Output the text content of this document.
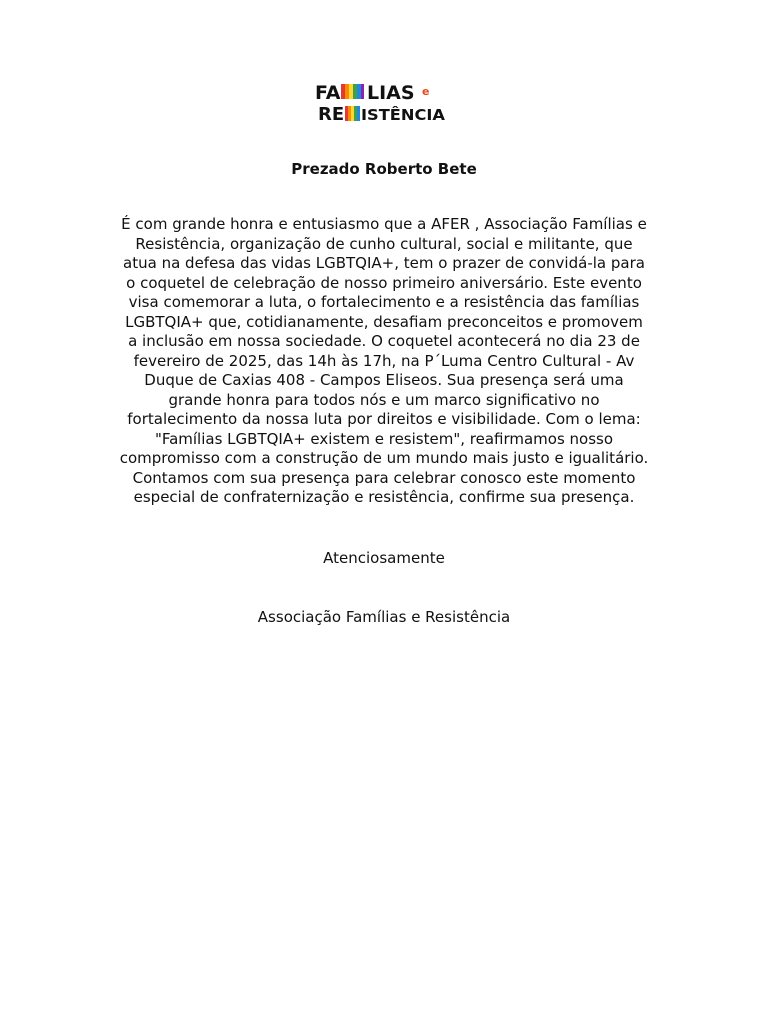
FA LIAS e
RE ISTÊNCIA
Prezado Roberto Bete
É com grande honra e entusiasmo que a AFER , Associação Famílias e
Resistência, organização de cunho cultural, social e militante, que
atua na defesa das vidas LGBTQIA+, tem o prazer de convidá-la para
o coquetel de celebração de nosso primeiro aniversário. Este evento
visa comemorar a luta, o fortalecimento e a resistência das famílias
LGBTQIA+ que, cotidianamente, desafiam preconceitos e promovem
a inclusão em nossa sociedade. O coquetel acontecerá no dia 23 de
fevereiro de 2025, das 14h às 17h, na P´Luma Centro Cultural - Av
Duque de Caxias 408 - Campos Eliseos. Sua presença será uma
grande honra para todos nós e um marco significativo no
fortalecimento da nossa luta por direitos e visibilidade. Com o lema:
"Famílias LGBTQIA+ existem e resistem", reafirmamos nosso
compromisso com a construção de um mundo mais justo e igualitário.
Contamos com sua presença para celebrar conosco este momento
especial de confraternização e resistência, confirme sua presença.
Atenciosamente
Associação Famílias e Resistência
